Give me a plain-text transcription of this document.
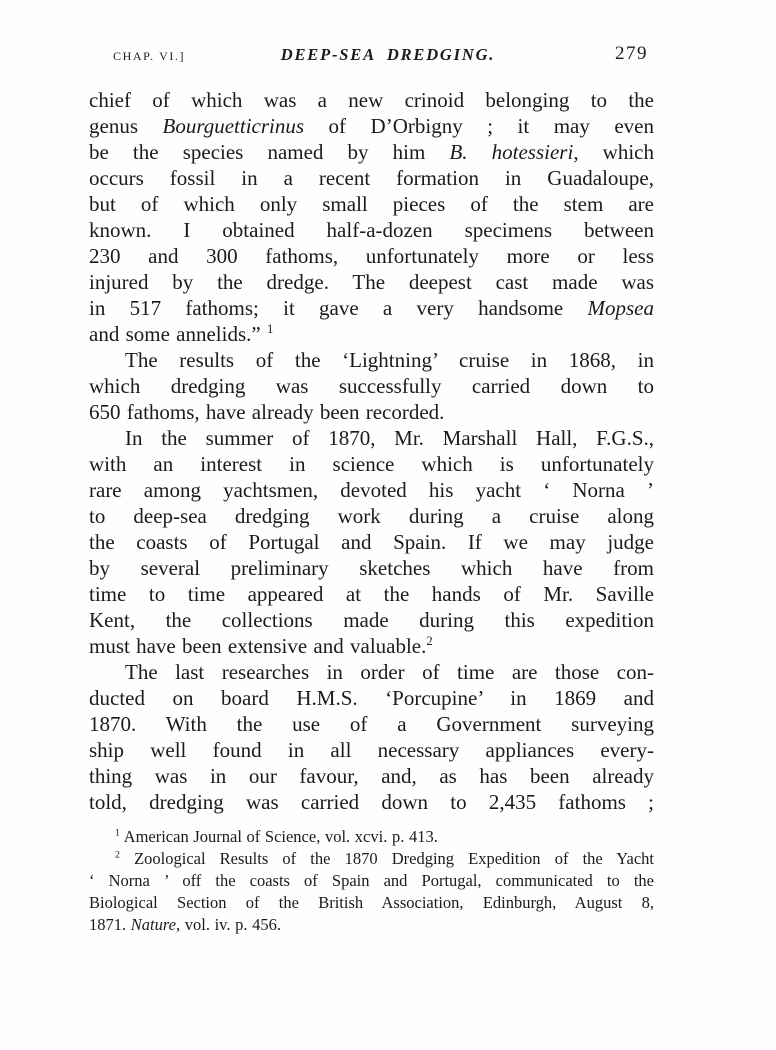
CHAP. VI.]	DEEP-SEA DREDGING.	279
chief of which was a new crinoid belonging to the
genus Bourguetticrinus of D’Orbigny ; it may even
be the species named by him B. hotessieri, which
occurs fossil in a recent formation in Guadaloupe,
but of which only small pieces of the stem are
known. I obtained half-a-dozen specimens between
230 and 300 fathoms, unfortunately more or less
injured by the dredge. The deepest cast made was
in 517 fathoms; it gave a very handsome Mopsea
and some annelids.” $^1$
The results of the ‘Lightning’ cruise in 1868, in
which dredging was successfully carried down to
650 fathoms, have already been recorded.
In the summer of 1870, Mr. Marshall Hall, F.G.S.,
with an interest in science which is unfortunately
rare among yachtsmen, devoted his yacht ‘ Norna ’
to deep-sea dredging work during a cruise along
the coasts of Portugal and Spain. If we may judge
by several preliminary sketches which have from
time to time appeared at the hands of Mr. Saville
Kent, the collections made during this expedition
must have been extensive and valuable.$^2$
The last researches in order of time are those con-
ducted on board H.M.S. ‘Porcupine’ in 1869 and
1870. With the use of a Government surveying
ship well found in all necessary appliances every-
thing was in our favour, and, as has been already
told, dredging was carried down to 2,435 fathoms ;
$^1$ American Journal of Science, vol. xcvi. p. 413.
$^2$ Zoological Results of the 1870 Dredging Expedition of the Yacht
‘ Norna ’ off the coasts of Spain and Portugal, communicated to the
Biological Section of the British Association, Edinburgh, August 8,
1871. Nature, vol. iv. p. 456.
